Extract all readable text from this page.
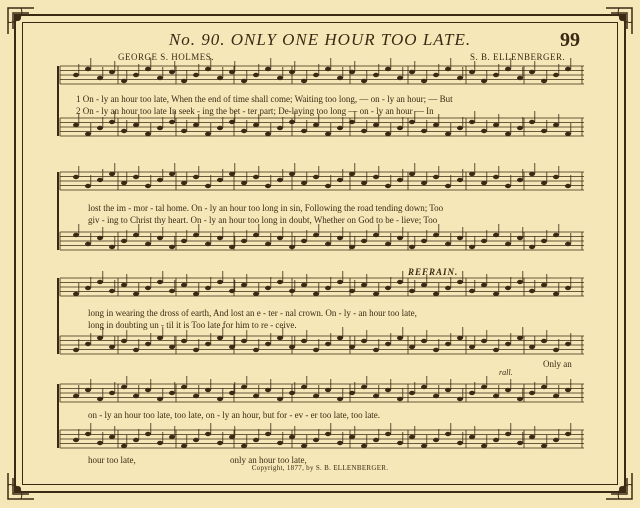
No. 90. ONLY ONE HOUR TOO LATE.	99
GEORGE S. HOLMES.	S. B. ELLENBERGER.
1 On - ly an hour too late, When the end of time shall come; Waiting too long, — on - ly an hour; — But
2 On - ly an hour too late In seek - ing the bet - ter part; De-laying too long — on - ly an hour — In
lost the im - mor - tal home. On - ly an hour too long in sin, Following the road tending down; Too
giv - ing to Christ thy heart. On - ly an hour too long in doubt, Whether on God to be - lieve; Too
REFRAIN.
long in wearing the dross of earth, And lost an e - ter - nal crown. On - ly - an hour too late,
long in doubting un - til it is Too late for him to re - ceive.
Only an
rall.
on - ly an hour too late, too late, on - ly an hour, but for - ev - er too late, too late.
hour too late,	only an hour too late,
Copyright, 1877, by S. B. ELLENBERGER.
